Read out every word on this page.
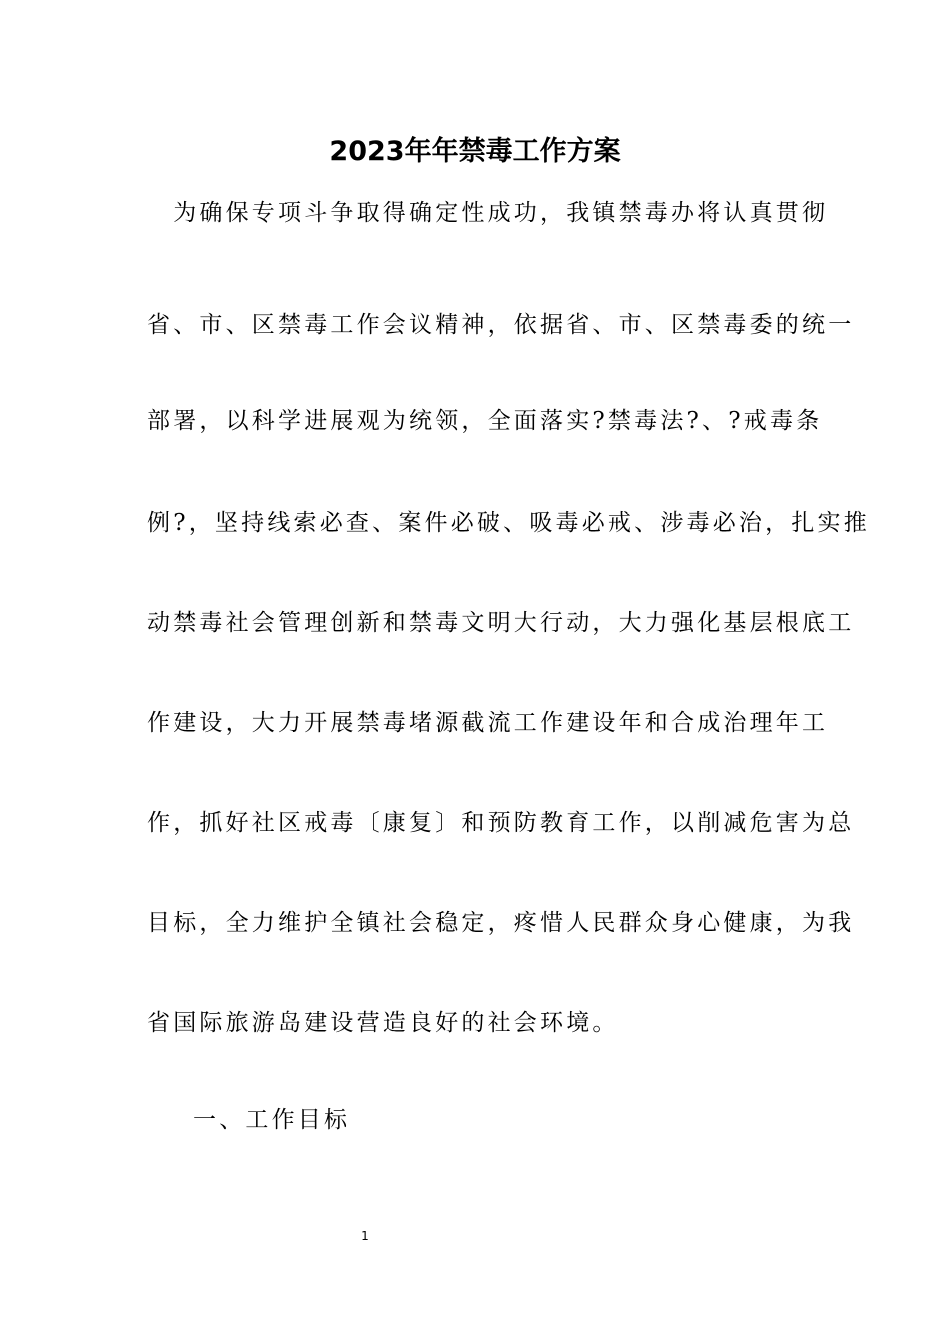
2023年年禁毒工作方案
　为确保专项斗争取得确定性成功，我镇禁毒办将认真贯彻
省、市、区禁毒工作会议精神，依据省、市、区禁毒委的统一
部署，以科学进展观为统领，全面落实?禁毒法?、?戒毒条
例?，坚持线索必查、案件必破、吸毒必戒、涉毒必治，扎实推
动禁毒社会管理创新和禁毒文明大行动，大力强化基层根底工
作建设，大力开展禁毒堵源截流工作建设年和合成治理年工
作，抓好社区戒毒〔康复〕和预防教育工作，以削减危害为总
目标，全力维护全镇社会稳定，疼惜人民群众身心健康，为我
省国际旅游岛建设营造良好的社会环境。
一、工作目标
1
